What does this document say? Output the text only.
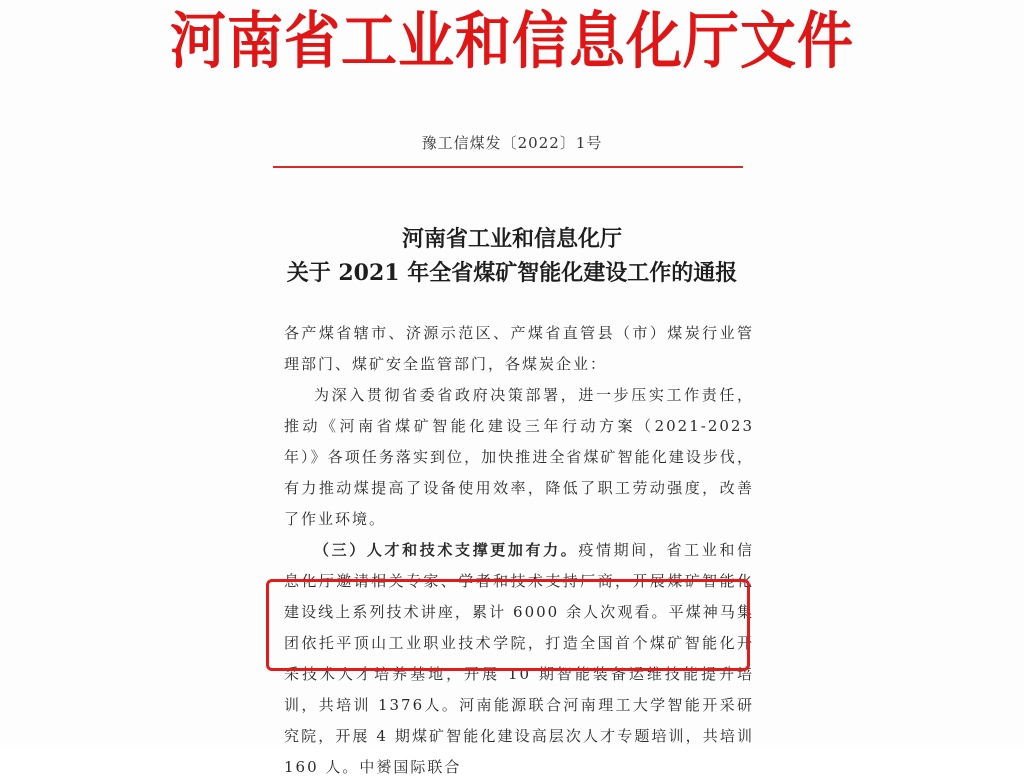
河南省工业和信息化厅文件
豫工信煤发〔2022〕1号
河南省工业和信息化厅
关于 2021 年全省煤矿智能化建设工作的通报

各产煤省辖市、济源示范区、产煤省直管县（市）煤炭行业管理部门、煤矿安全监管部门，各煤炭企业：

为深入贯彻省委省政府决策部署，进一步压实工作责任，推动《河南省煤矿智能化建设三年行动方案（2021-2023年）》各项任务落实到位，加快推进全省煤矿智能化建设步伐，有力推动煤提高了设备使用效率，降低了职工劳动强度，改善了作业环境。

（三）人才和技术支撑更加有力。疫情期间，省工业和信息化厅邀请相关专家、学者和技术支持厂商，开展煤矿智能化建设线上系列技术讲座，累计 6000 余人次观看。平煤神马集团依托平顶山工业职业技术学院，打造全国首个煤矿智能化开采技术人才培养基地，开展 10 期智能装备运维技能提升培训，共培训 1376人。河南能源联合河南理工大学智能开采研究院，开展 4 期煤矿智能化建设高层次人才专题培训，共培训 160 人。中赟国际联合
